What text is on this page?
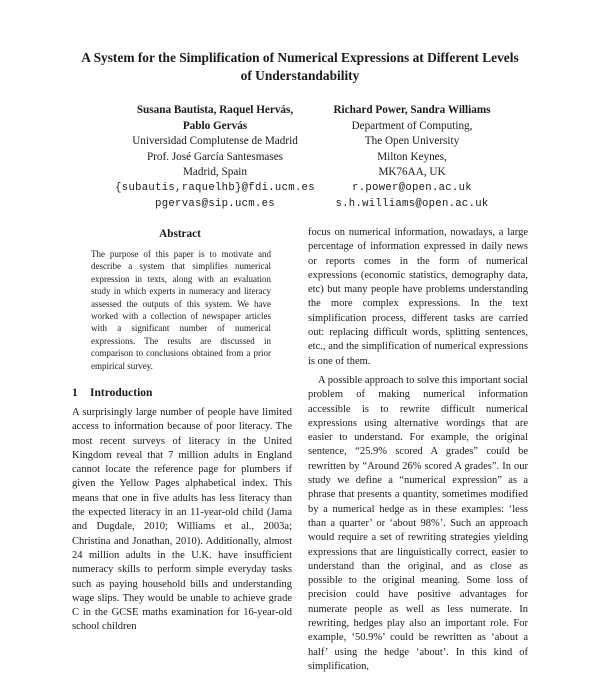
A System for the Simplification of Numerical Expressions at Different Levels
of Understandability
Susana Bautista, Raquel Hervás,
Pablo Gervás
Universidad Complutense de Madrid
Prof. José García Santesmases
Madrid, Spain
{subautis,raquelhb}@fdi.ucm.es
pgervas@sip.ucm.es
Richard Power, Sandra Williams
Department of Computing,
The Open University
Milton Keynes,
MK76AA, UK
r.power@open.ac.uk
s.h.williams@open.ac.uk
Abstract

The purpose of this paper is to motivate and describe a system that simplifies numerical expression in texts, along with an evaluation study in which experts in numeracy and literacy assessed the outputs of this system. We have worked with a collection of newspaper articles with a significant number of numerical expressions. The results are discussed in comparison to conclusions obtained from a prior empirical survey.

1 Introduction

A surprisingly large number of people have limited access to information because of poor literacy. The most recent surveys of literacy in the United Kingdom reveal that 7 million adults in England cannot locate the reference page for plumbers if given the Yellow Pages alphabetical index. This means that one in five adults has less literacy than the expected literacy in an 11-year-old child (Jama and Dugdale, 2010; Williams et al., 2003a; Christina and Jonathan, 2010). Additionally, almost 24 million adults in the U.K. have insufficient numeracy skills to perform simple everyday tasks such as paying household bills and understanding wage slips. They would be unable to achieve grade C in the GCSE maths examination for 16-year-old school children

focus on numerical information, nowadays, a large percentage of information expressed in daily news or reports comes in the form of numerical expressions (economic statistics, demography data, etc) but many people have problems understanding the more complex expressions. In the text simplification process, different tasks are carried out: replacing difficult words, splitting sentences, etc., and the simplification of numerical expressions is one of them.

A possible approach to solve this important social problem of making numerical information accessible is to rewrite difficult numerical expressions using alternative wordings that are easier to understand. For example, the original sentence, “25.9% scored A grades” could be rewritten by “Around 26% scored A grades”. In our study we define a “numerical expression” as a phrase that presents a quantity, sometimes modified by a numerical hedge as in these examples: ‘less than a quarter’ or ‘about 98%’. Such an approach would require a set of rewriting strategies yielding expressions that are linguistically correct, easier to understand than the original, and as close as possible to the original meaning. Some loss of precision could have positive advantages for numerate people as well as less numerate. In rewriting, hedges play also an important role. For example, ‘50.9%’ could be rewritten as ‘about a half’ using the hedge ‘about’. In this kind of simplification,
